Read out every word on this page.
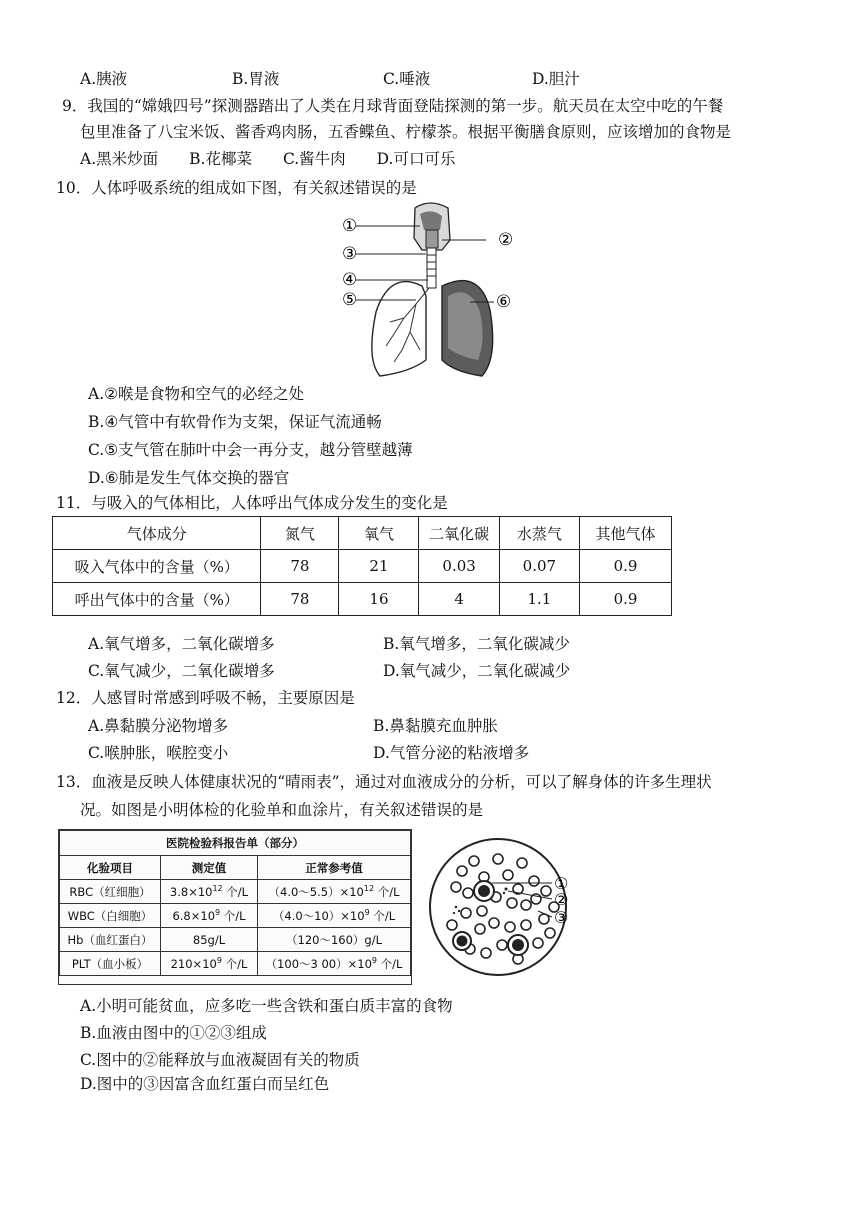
A.胰液	B.胃液	C.唾液	D.胆汁
9．我国的“嫦娥四号”探测器踏出了人类在月球背面登陆探测的第一步。航天员在太空中吃的午餐
包里准备了八宝米饭、酱香鸡肉肠，五香鲽鱼、柠檬茶。根据平衡膳食原则，应该增加的食物是
A.黑米炒面　　B.花椰菜　　C.酱牛肉　　D.可口可乐
10．人体呼吸系统的组成如下图，有关叙述错误的是
①
②
③
④
⑤	⑥
A.②喉是食物和空气的必经之处
B.④气管中有软骨作为支架，保证气流通畅
C.⑤支气管在肺叶中会一再分支，越分管壁越薄
D.⑥肺是发生气体交换的器官
11．与吸入的气体相比，人体呼出气体成分发生的变化是
气体成分	氮气	氧气	二氧化碳	水蒸气	其他气体
吸入气体中的含量（%）	78	21	0.03	0.07	0.9
呼出气体中的含量（%）	78	16	4	1.1	0.9
A.氧气增多，二氧化碳增多	B.氧气增多，二氧化碳减少
C.氧气减少，二氧化碳增多	D.氧气减少，二氧化碳减少
12．人感冒时常感到呼吸不畅，主要原因是
A.鼻黏膜分泌物增多	B.鼻黏膜充血肿胀
C.喉肿胀，喉腔变小	D.气管分泌的粘液增多
13．血液是反映人体健康状况的“晴雨表”，通过对血液成分的分析，可以了解身体的许多生理状
况。如图是小明体检的化验单和血涂片，有关叙述错误的是
医院检验科报告单（部分）		
化验项目	测定值	正常参考值
RBC（红细胞）	$3.8\times 10^{12}$ 个/L	$(4.0\sim 5.5)\times 10^{12}$ 个/L
WBC（白细胞）	$6.8\times 10^9$ 个/L	$(4.0\sim 10)\times 10^9$ 个/L
Hb（血红蛋白）	85g/L	（120～160）g/L
PLT（血小板）	$210\times 10^9$ 个/L	（100～3 $00)\times 10^9$ 个/L
①
②
③
A.小明可能贫血，应多吃一些含铁和蛋白质丰富的食物
B.血液由图中的①②③组成
C.图中的②能释放与血液凝固有关的物质
D.图中的③因富含血红蛋白而呈红色
